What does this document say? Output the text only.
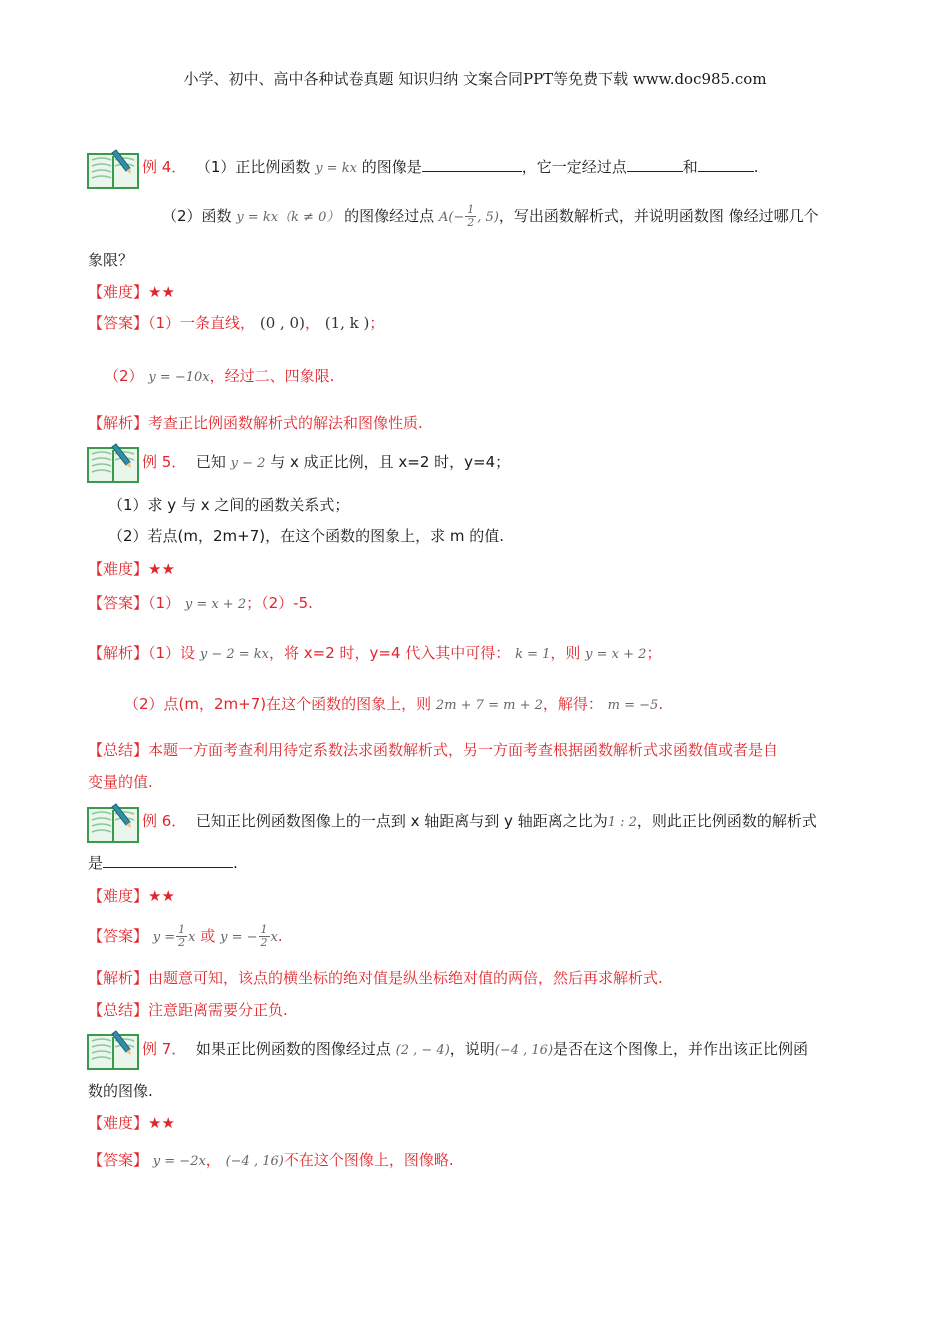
小学、初中、高中各种试卷真题 知识归纳 文案合同PPT等免费下载 www.doc985.com
例 4． （1）正比例函数 y = kx 的图像是	，它一定经过点	和	.
（2）函数 y = kx（k ≠ 0） 的图像经过点 $A(- \frac{1}{2}$ , 5)，写出函数解析式，并说明函数图 像经过哪几个
象限？
【难度】★★
【答案】（1）一条直线， (0 , 0)， (1, k )；
（2） y = −10x，经过二、四象限.
【解析】考查正比例函数解析式的解法和图像性质.
例 5． 已知 y − 2 与 x 成正比例，且 x=2 时，y=4；
（1）求 y 与 x 之间的函数关系式；
（2）若点(m，2m+7)，在这个函数的图象上，求 m 的值.
【难度】★★
【答案】（1） y = x + 2；（2）-5.
【解析】（1）设 y − 2 = kx，将 x=2 时，y=4 代入其中可得： k = 1，则 y = x + 2；
（2）点(m，2m+7)在这个函数的图象上，则 2m + 7 = m + 2，解得： m = −5.
【总结】本题一方面考查利用待定系数法求函数解析式，另一方面考查根据函数解析式求函数值或者是自
变量的值.
例 6． 已知正比例函数图像上的一点到 x 轴距离与到 y 轴距离之比为1 : 2，则此正比例函数的解析式
是	.
【难度】★★
【答案】 $y = \frac{1}{2}$ x 或 y = − $\frac{1}{2} x$.
【解析】由题意可知，该点的横坐标的绝对值是纵坐标绝对值的两倍，然后再求解析式.
【总结】注意距离需要分正负.
例 7． 如果正比例函数的图像经过点 (2 , − 4)，说明(−4 , 16)是否在这个图像上，并作出该正比例函
数的图像.
【难度】★★
【答案】 y = −2x， (−4 , 16)不在这个图像上，图像略.
